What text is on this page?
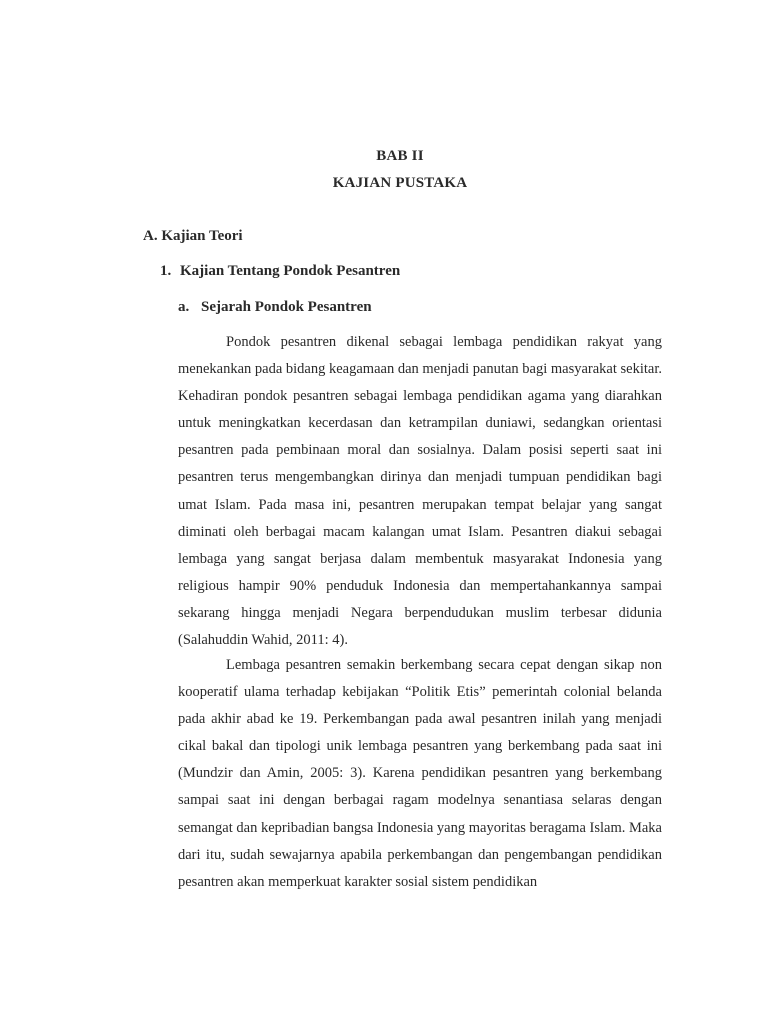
BAB II
KAJIAN PUSTAKA
A. Kajian Teori
1. Kajian Tentang Pondok Pesantren
a. Sejarah Pondok Pesantren

Pondok pesantren dikenal sebagai lembaga pendidikan rakyat yang menekankan pada bidang keagamaan dan menjadi panutan bagi masyarakat sekitar. Kehadiran pondok pesantren sebagai lembaga pendidikan agama yang diarahkan untuk meningkatkan kecerdasan dan ketrampilan duniawi, sedangkan orientasi pesantren pada pembinaan moral dan sosialnya. Dalam posisi seperti saat ini pesantren terus mengembangkan dirinya dan menjadi tumpuan pendidikan bagi umat Islam. Pada masa ini, pesantren merupakan tempat belajar yang sangat diminati oleh berbagai macam kalangan umat Islam. Pesantren diakui sebagai lembaga yang sangat berjasa dalam membentuk masyarakat Indonesia yang religious hampir 90% penduduk Indonesia dan mempertahankannya sampai sekarang hingga menjadi Negara berpendudukan muslim terbesar didunia (Salahuddin Wahid, 2011: 4).

Lembaga pesantren semakin berkembang secara cepat dengan sikap non kooperatif ulama terhadap kebijakan “Politik Etis” pemerintah colonial belanda pada akhir abad ke 19. Perkembangan pada awal pesantren inilah yang menjadi cikal bakal dan tipologi unik lembaga pesantren yang berkembang pada saat ini (Mundzir dan Amin, 2005: 3). Karena pendidikan pesantren yang berkembang sampai saat ini dengan berbagai ragam modelnya senantiasa selaras dengan semangat dan kepribadian bangsa Indonesia yang mayoritas beragama Islam. Maka dari itu, sudah sewajarnya apabila perkembangan dan pengembangan pendidikan pesantren akan memperkuat karakter sosial sistem pendidikan
